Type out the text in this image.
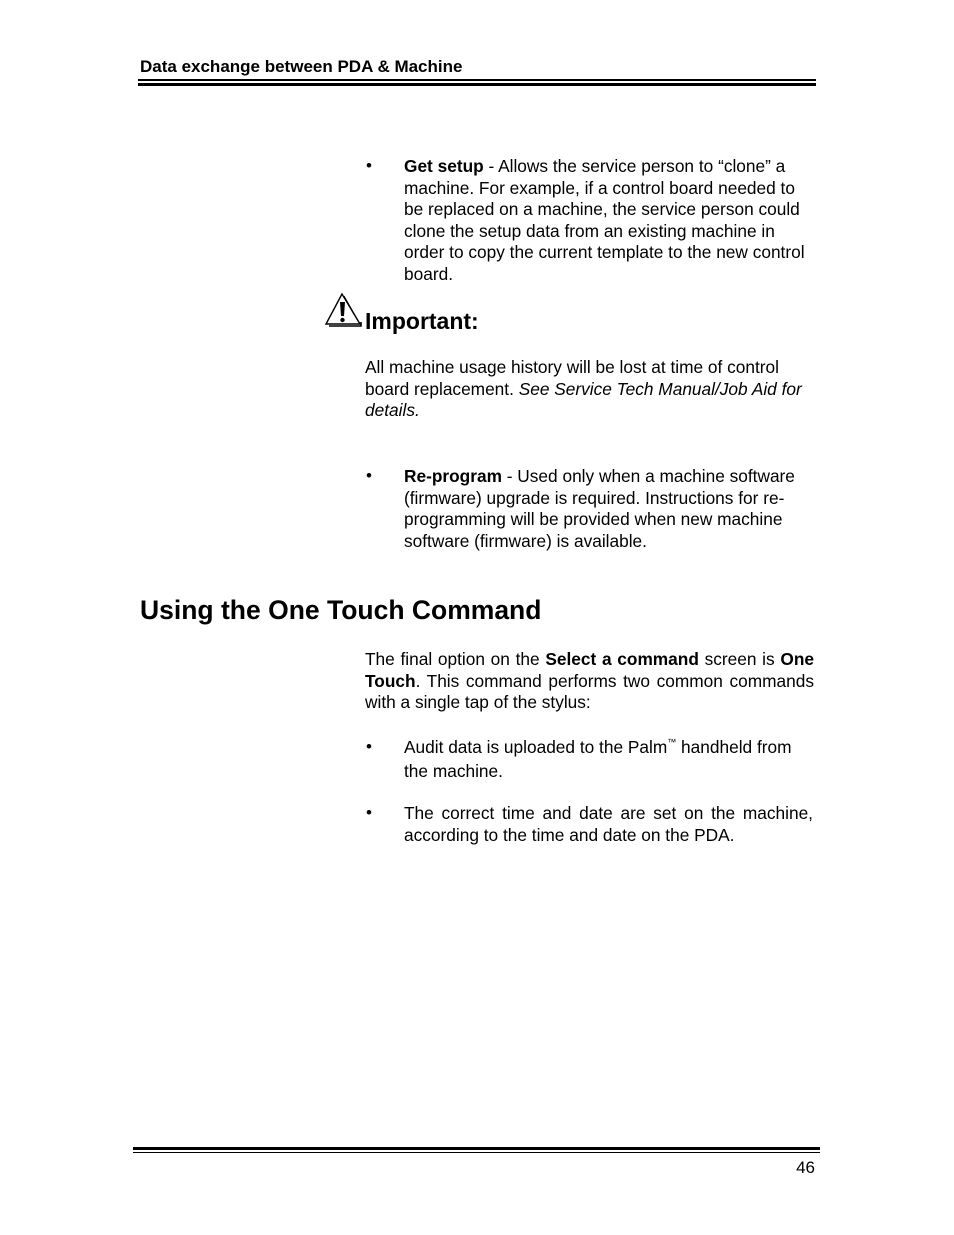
Data exchange between PDA & Machine
• Get setup - Allows the service person to “clone” a machine. For example, if a control board needed to be replaced on a machine, the service person could clone the setup data from an existing machine in order to copy the current template to the new control board.
Important:
All machine usage history will be lost at time of control board replacement. See Service Tech Manual/Job Aid for details.
• Re-program - Used only when a machine software (firmware) upgrade is required. Instructions for re-programming will be provided when new machine software (firmware) is available.
Using the One Touch Command
The final option on the Select a command screen is One Touch. This command performs two common commands with a single tap of the stylus:
• Audit data is uploaded to the Palm™ handheld from the machine.
• The correct time and date are set on the machine, according to the time and date on the PDA.
46
